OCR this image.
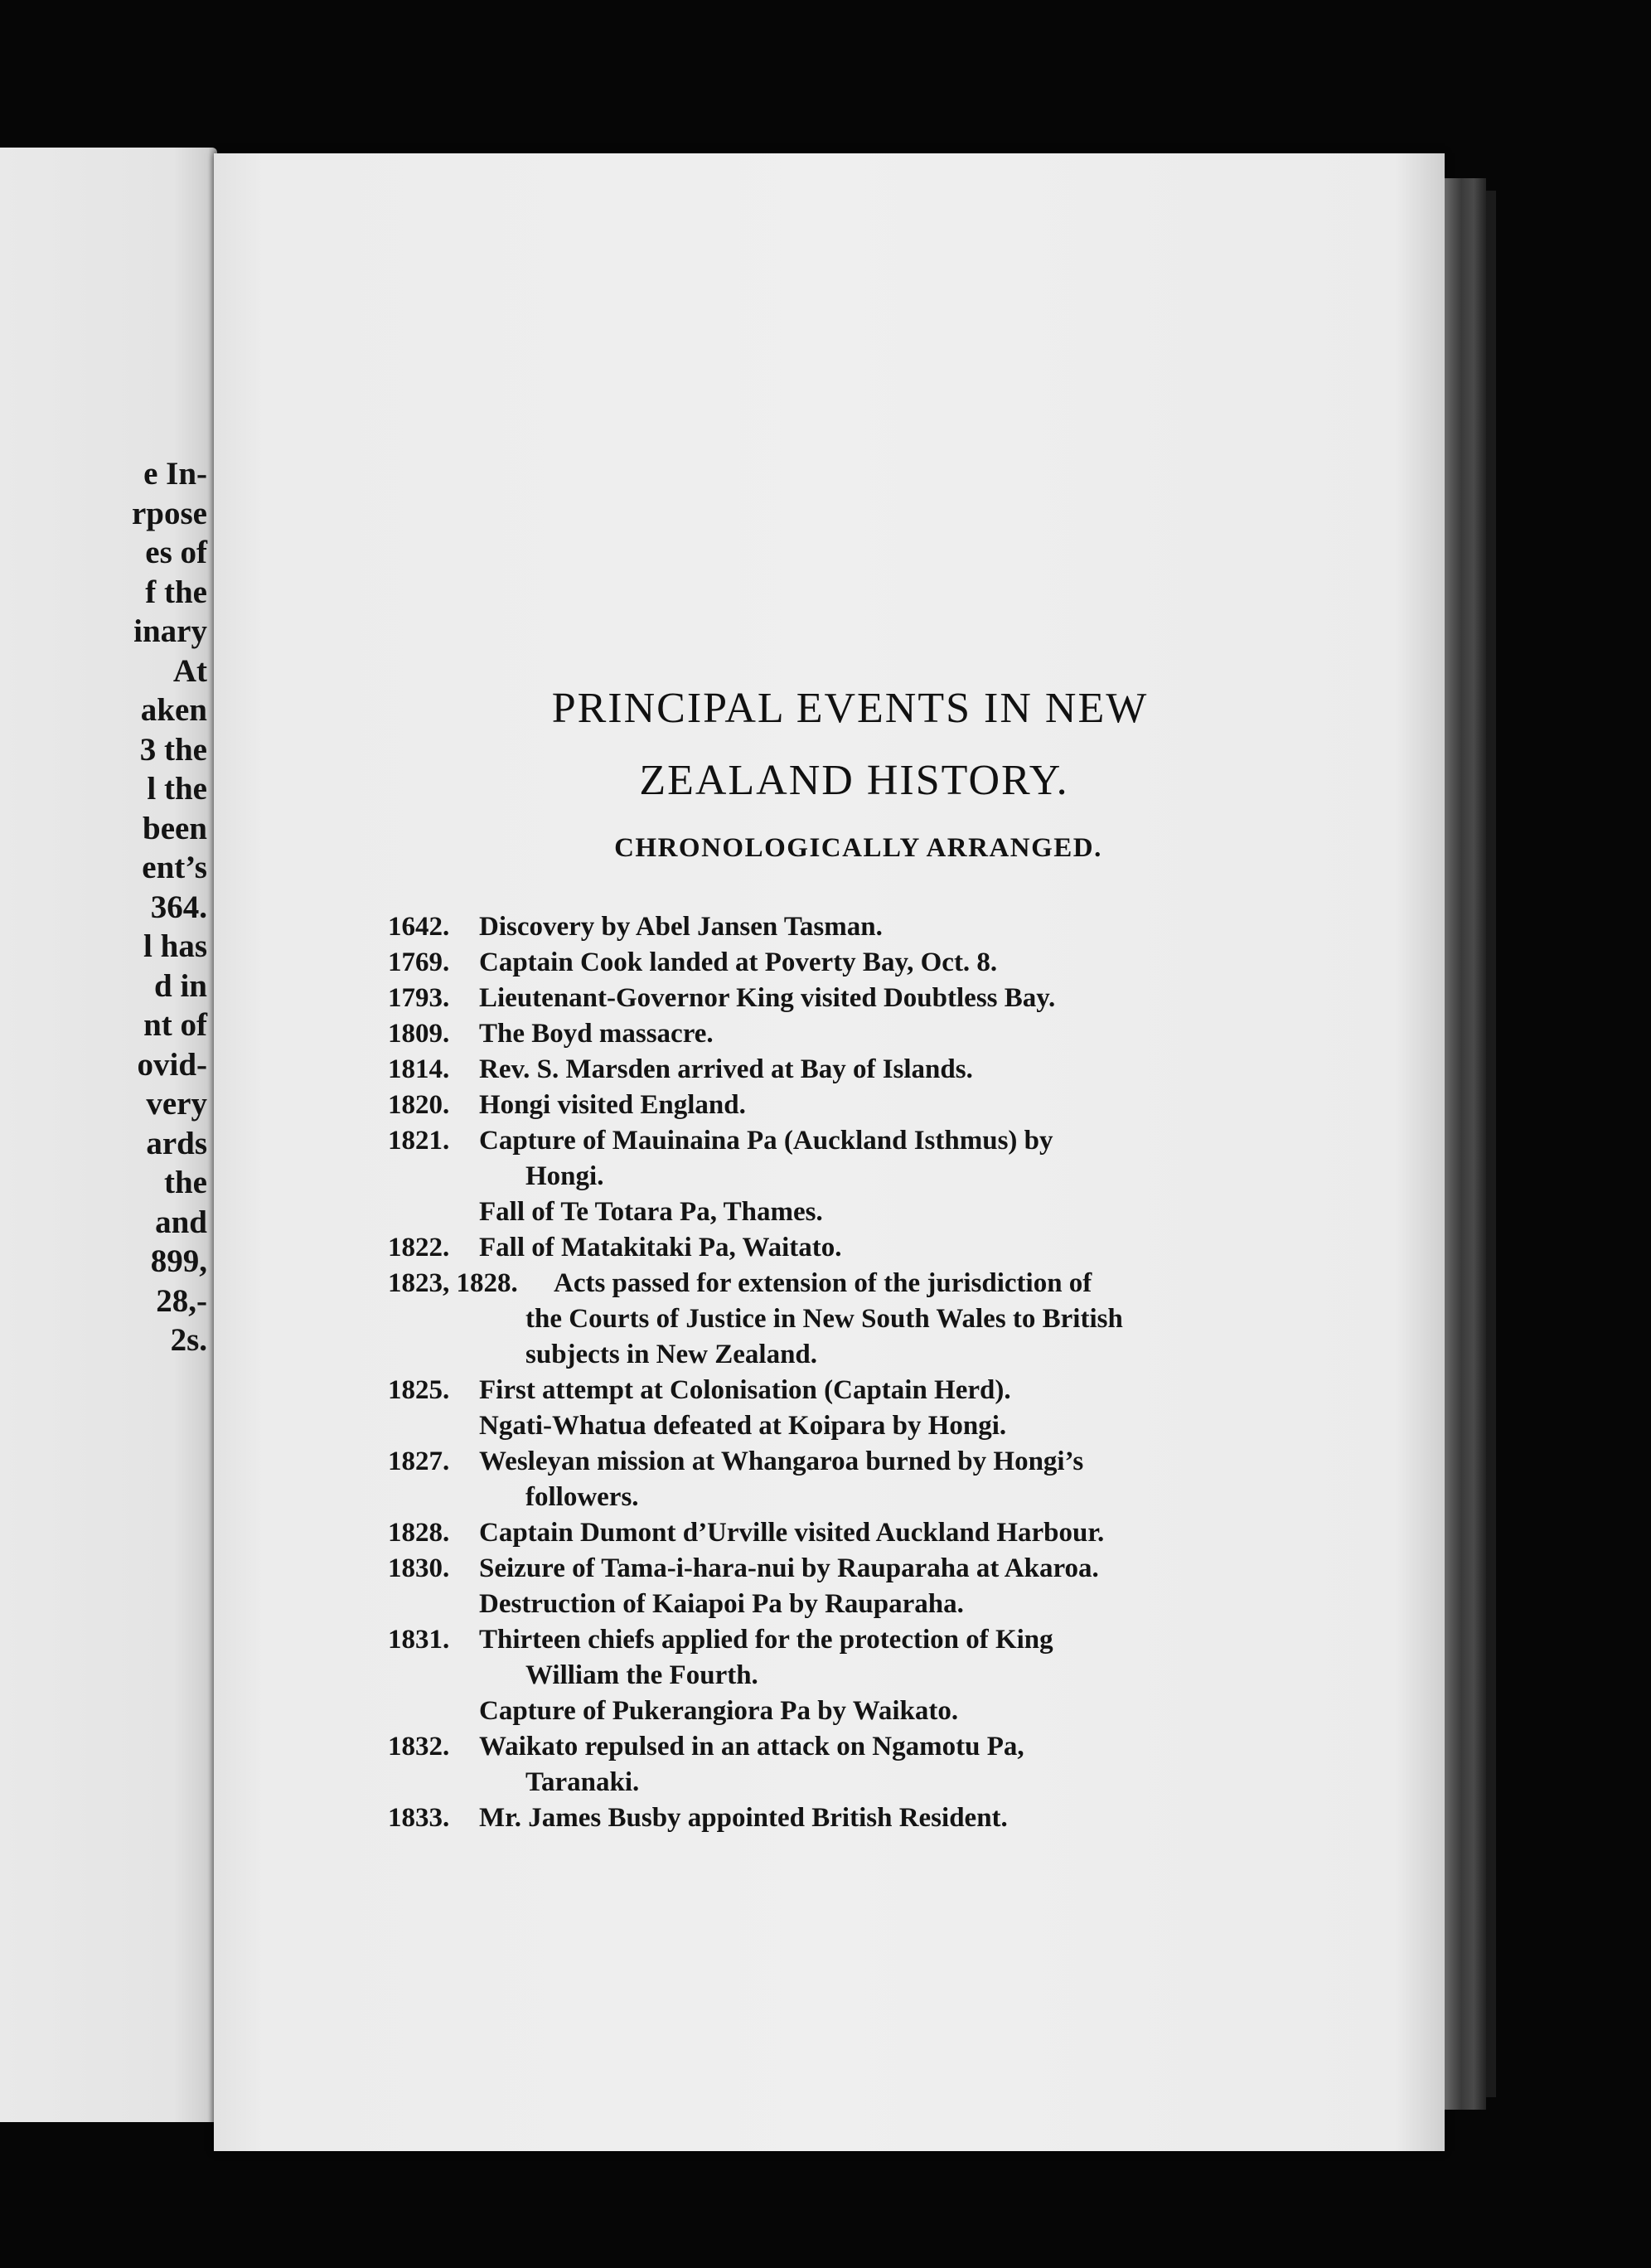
e In-
rpose
es of
f the
inary
At
aken
3 the
l the
been
ent’s
364.
l has
d in
nt of
ovid-
very
ards
the
and
899,
28,-
2s.
PRINCIPAL EVENTS IN NEW
ZEALAND HISTORY.
CHRONOLOGICALLY ARRANGED.
1642.	Discovery by Abel Jansen Tasman.
1769.	Captain Cook landed at Poverty Bay, Oct. 8.
1793.	Lieutenant-Governor King visited Doubtless Bay.
1809.	The Boyd massacre.
1814.	Rev. S. Marsden arrived at Bay of Islands.
1820.	Hongi visited England.
1821.	Capture of Mauinaina Pa (Auckland Isthmus) by
Hongi.
Fall of Te Totara Pa, Thames.
1822.	Fall of Matakitaki Pa, Waitato.
1823, 1828. Acts passed for extension of the jurisdiction of
the Courts of Justice in New South Wales to British
subjects in New Zealand.
1825.	First attempt at Colonisation (Captain Herd).
Ngati-Whatua defeated at Koipara by Hongi.
1827.	Wesleyan mission at Whangaroa burned by Hongi’s
followers.
1828.	Captain Dumont d’Urville visited Auckland Harbour.
1830.	Seizure of Tama-i-hara-nui by Rauparaha at Akaroa.
Destruction of Kaiapoi Pa by Rauparaha.
1831.	Thirteen chiefs applied for the protection of King
William the Fourth.
Capture of Pukerangiora Pa by Waikato.
1832.	Waikato repulsed in an attack on Ngamotu Pa,
Taranaki.
1833.	Mr. James Busby appointed British Resident.
